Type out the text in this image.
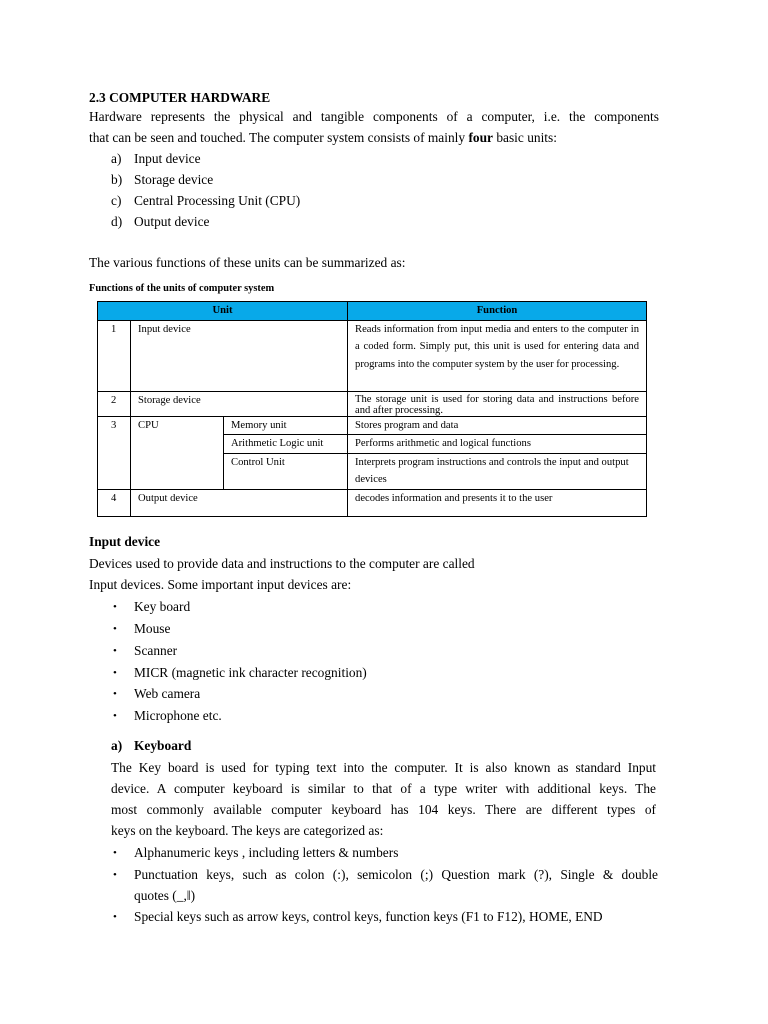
2.3 COMPUTER HARDWARE
Hardware represents the physical and tangible components of a computer, i.e. the components
that can be seen and touched. The computer system consists of mainly four basic units:
a) Input device
b) Storage device
c) Central Processing Unit (CPU)
d) Output device
The various functions of these units can be summarized as:
Functions of the units of computer system
Unit			Function
1	Input device		Reads information from input media and enters to the computer in a coded form. Simply put, this unit is used for entering data and programs into the computer system by the user for processing.
2	Storage device		The storage unit is used for storing data and instructions before and after processing.
3	CPU	Memory unit	Stores program and data
		Arithmetic Logic unit	Performs arithmetic and logical functions
		Control Unit	Interprets program instructions and controls the input and output devices
4	Output device		decodes information and presents it to the user
Input device
Devices used to provide data and instructions to the computer are called
Input devices. Some important input devices are:
• Key board
• Mouse
• Scanner
• MICR (magnetic ink character recognition)
• Web camera
• Microphone etc.
a) Keyboard
The Key board is used for typing text into the computer. It is also known as standard Input
device. A computer keyboard is similar to that of a type writer with additional keys. The
most commonly available computer keyboard has 104 keys. There are different types of
keys on the keyboard. The keys are categorized as:
• Alphanumeric keys , including letters & numbers
• Punctuation keys, such as colon (:), semicolon (;) Question mark (?), Single & double
quotes (_,‖)
• Special keys such as arrow keys, control keys, function keys (F1 to F12), HOME, END
